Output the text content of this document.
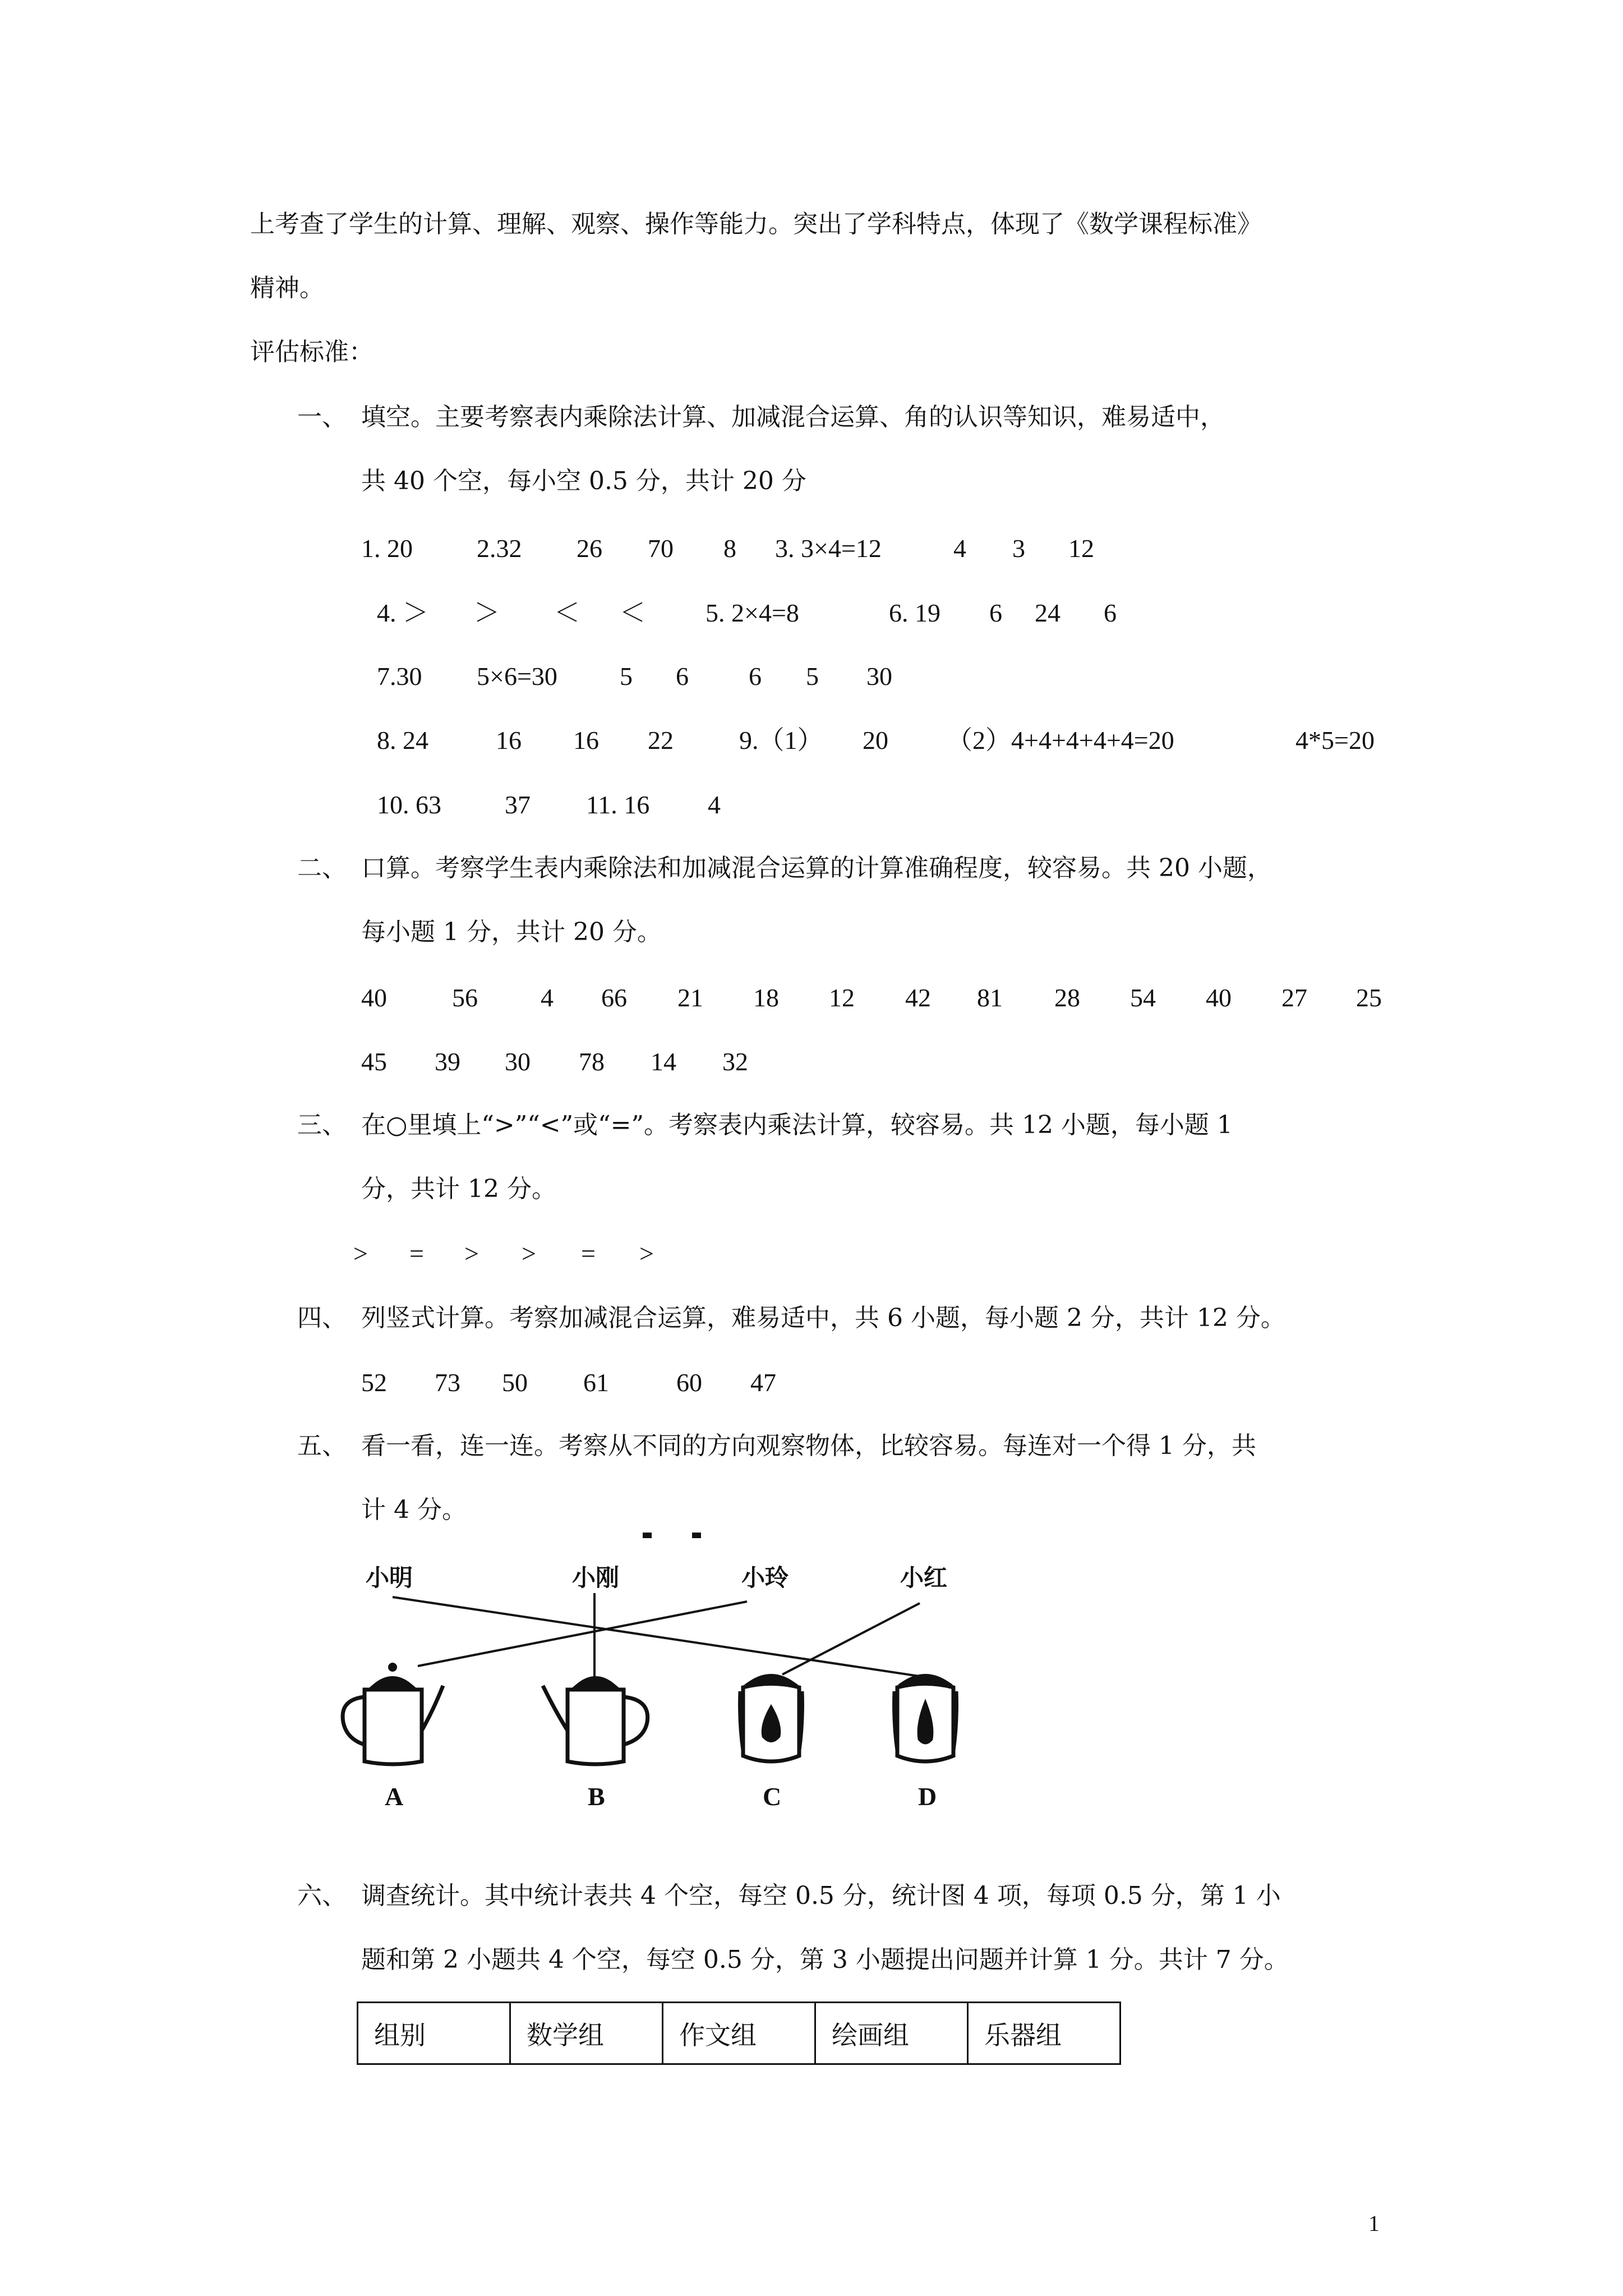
上考查了学生的计算、理解、观察、操作等能力。突出了学科特点，体现了《数学课程标准》
精神。
评估标准：
一、 填空。主要考察表内乘除法计算、加减混合运算、角的认识等知识，难易适中，
共 40 个空，每小空 0.5 分，共计 20 分
1. 20 2.32 26 70 8 3. 3×4=12	4 3 12
4. ＞ ＞ ＜ ＜ 5. 2×4=8	6. 19 6 24 6
7.30 5×6=30 5 6 6 5 30
8. 24	16 16 22	9.（1） 20 （2）4+4+4+4+4=20	4*5=20
10. 63 37 11. 16 4
二、 口算。考察学生表内乘除法和加减混合运算的计算准确程度，较容易。共 20 小题，
每小题 1 分，共计 20 分。
40	56 4 66 21 18 12 42 81 28 54 40 27 25
45 39 30 78 14 32
三、 在○里填上“>”“<”或“=”。考察表内乘法计算，较容易。共 12 小题，每小题 1
分，共计 12 分。
> = > > = >
四、 列竖式计算。考察加减混合运算，难易适中，共 6 小题，每小题 2 分，共计 12 分。
52 73 50 61	60 47
五、 看一看，连一连。考察从不同的方向观察物体，比较容易。每连对一个得 1 分，共
计 4 分。
小明	小刚	小玲	小红
A	B	C	D
六、 调查统计。其中统计表共 4 个空，每空 0.5 分，统计图 4 项，每项 0.5 分，第 1 小
题和第 2 小题共 4 个空，每空 0.5 分，第 3 小题提出问题并计算 1 分。共计 7 分。
组别	数学组	作文组	绘画组	乐器组
1
